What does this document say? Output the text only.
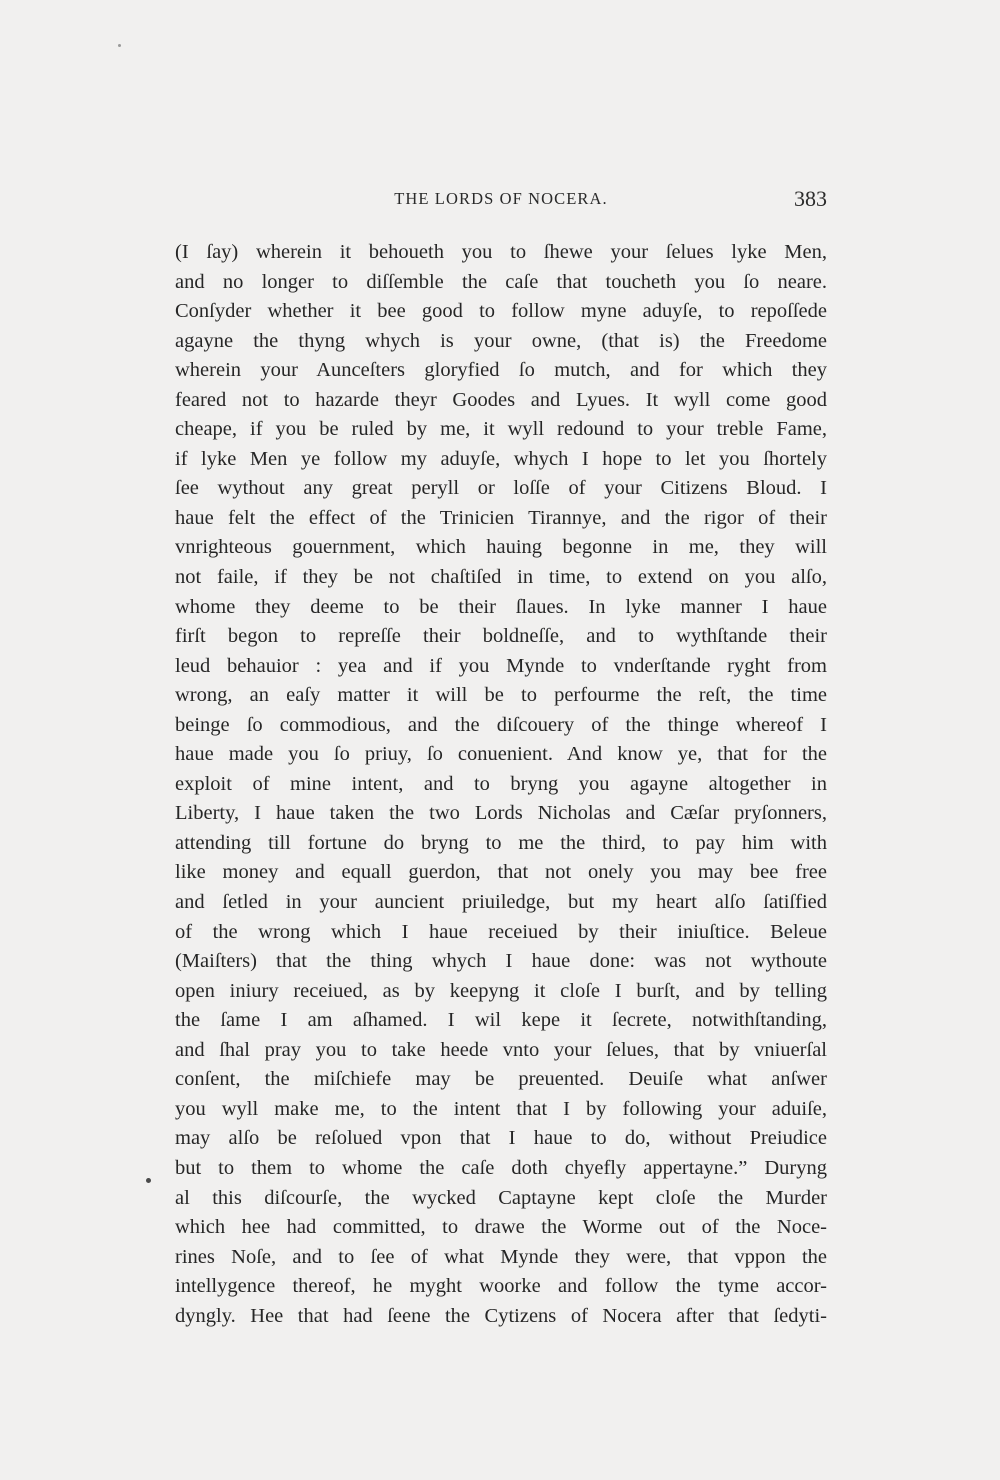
THE LORDS OF NOCERA.	383
(I ſay) wherein it behoueth you to ſhewe your ſelues lyke Men,
and no longer to diſſemble the caſe that toucheth you ſo neare.
Conſyder whether it bee good to follow myne aduyſe, to repoſſede
agayne the thyng whych is your owne, (that is) the Freedome
wherein your Aunceſters gloryfied ſo mutch, and for which they
feared not to hazarde theyr Goodes and Lyues. It wyll come good
cheape, if you be ruled by me, it wyll redound to your treble Fame,
if lyke Men ye follow my aduyſe, whych I hope to let you ſhortely
ſee wythout any great peryll or loſſe of your Citizens Bloud. I
haue felt the effect of the Trinicien Tirannye, and the rigor of their
vnrighteous gouernment, which hauing begonne in me, they will
not faile, if they be not chaſtiſed in time, to extend on you alſo,
whome they deeme to be their ſlaues. In lyke manner I haue
firſt begon to repreſſe their boldneſſe, and to wythſtande their
leud behauior : yea and if you Mynde to vnderſtande ryght from
wrong, an eaſy matter it will be to perfourme the reſt, the time
beinge ſo commodious, and the diſcouery of the thinge whereof I
haue made you ſo priuy, ſo conuenient. And know ye, that for the
exploit of mine intent, and to bryng you agayne altogether in
Liberty, I haue taken the two Lords Nicholas and Cæſar pryſonners,
attending till fortune do bryng to me the third, to pay him with
like money and equall guerdon, that not onely you may bee free
and ſetled in your auncient priuiledge, but my heart alſo ſatiſfied
of the wrong which I haue receiued by their iniuſtice. Beleue
(Maiſters) that the thing whych I haue done: was not wythoute
open iniury receiued, as by keepyng it cloſe I burſt, and by telling
the ſame I am aſhamed. I wil kepe it ſecrete, notwithſtanding,
and ſhal pray you to take heede vnto your ſelues, that by vniuerſal
conſent, the miſchiefe may be preuented. Deuiſe what anſwer
you wyll make me, to the intent that I by following your aduiſe,
may alſo be reſolued vpon that I haue to do, without Preiudice
but to them to whome the caſe doth chyefly appertayne.” Duryng
al this diſcourſe, the wycked Captayne kept cloſe the Murder
which hee had committed, to drawe the Worme out of the Noce-
rines Noſe, and to ſee of what Mynde they were, that vppon the
intellygence thereof, he myght woorke and follow the tyme accor-
dyngly. Hee that had ſeene the Cytizens of Nocera after that ſedyti-
